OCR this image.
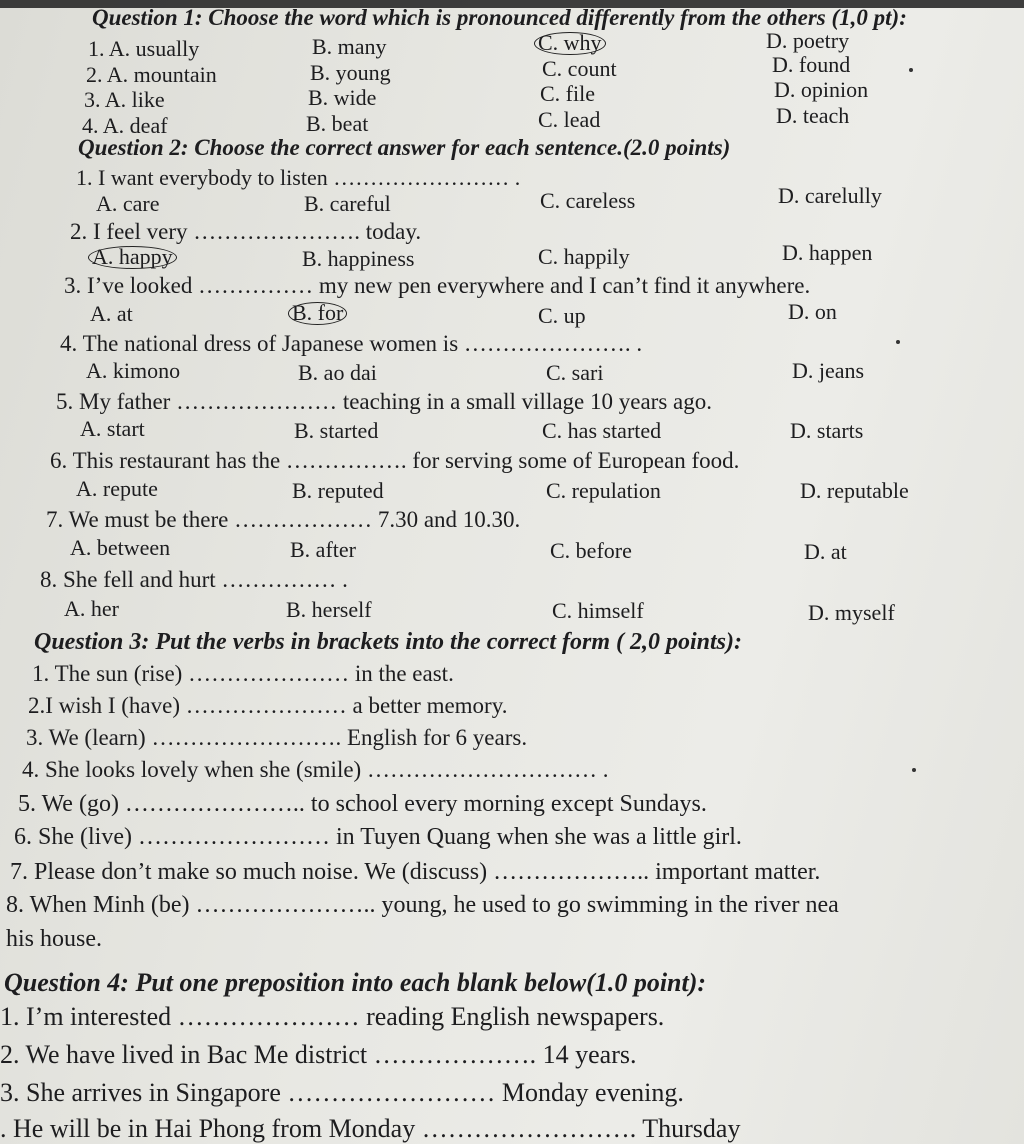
Question 1: Choose the word which is pronounced differently from the others (1,0 pt):
1. A. usually	B. many	C. why	D. poetry
2. A. mountain	B. young	C. count	D. found
3. A. like	B. wide	C. file	D. opinion
4. A. deaf	B. beat	C. lead	D. teach
Question 2: Choose the correct answer for each sentence.(2.0 points)
1. I want everybody to listen …………………… .
A. care	B. careful	C. careless	D. carelully
2. I feel very …………………. today.
A. happy	B. happiness	C. happily	D. happen
3. I’ve looked …………… my new pen everywhere and I can’t find it anywhere.
A. at	B. for	C. up	D. on
4. The national dress of Japanese women is …………………. .
A. kimono	B. ao dai	C. sari	D. jeans
5. My father ………………… teaching in a small village 10 years ago.
A. start	B. started	C. has started	D. starts
6. This restaurant has the ……………. for serving some of European food.
A. repute	B. reputed	C. repulation	D. reputable
7. We must be there ……………… 7.30 and 10.30.
A. between	B. after	C. before	D. at
8. She fell and hurt …………… .
A. her	B. herself	C. himself	D. myself
Question 3: Put the verbs in brackets into the correct form ( 2,0 points):
1. The sun (rise) ………………… in the east.
2.I wish I (have) ………………… a better memory.
3. We (learn) ……………………. English for 6 years.
4. She looks lovely when she (smile) ………………………… .
5. We (go) ………………….. to school every morning except Sundays.
6. She (live) …………………… in Tuyen Quang when she was a little girl.
7. Please don’t make so much noise. We (discuss) ……………….. important matter.
8. When Minh (be) ………………….. young, he used to go swimming in the river nea
his house.
Question 4: Put one preposition into each blank below(1.0 point):
1. I’m interested ………………… reading English newspapers.
2. We have lived in Bac Me district ………………. 14 years.
3. She arrives in Singapore …………………… Monday evening.
. He will be in Hai Phong from Monday ……………………. Thursday
